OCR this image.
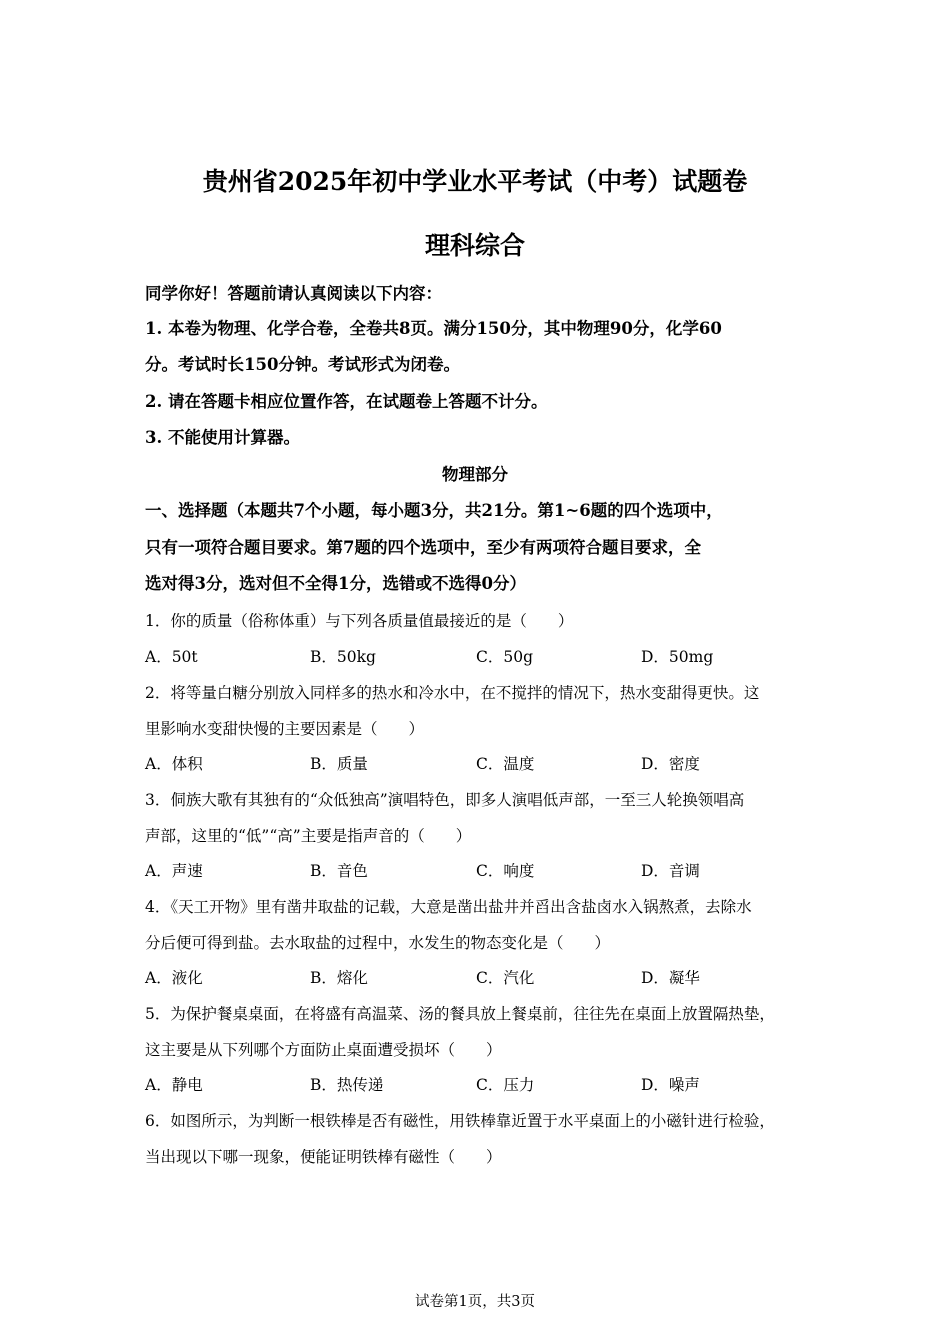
贵州省2025年初中学业水平考试（中考）试题卷
理科综合
同学你好！答题前请认真阅读以下内容：
1. 本卷为物理、化学合卷，全卷共8页。满分150分，其中物理90分，化学60
分。考试时长150分钟。考试形式为闭卷。
2. 请在答题卡相应位置作答，在试题卷上答题不计分。
3. 不能使用计算器。
物理部分
一、选择题（本题共7个小题，每小题3分，共21分。第1~6题的四个选项中，
只有一项符合题目要求。第7题的四个选项中，至少有两项符合题目要求，全
选对得3分，选对但不全得1分，选错或不选得0分）
1．你的质量（俗称体重）与下列各质量值最接近的是（　　）
A．50t	B．50kg	C．50g	D．50mg
2．将等量白糖分别放入同样多的热水和冷水中，在不搅拌的情况下，热水变甜得更快。这
里影响水变甜快慢的主要因素是（　　）
A．体积	B．质量	C．温度	D．密度
3．侗族大歌有其独有的“众低独高”演唱特色，即多人演唱低声部，一至三人轮换领唱高
声部，这里的“低”“高”主要是指声音的（　　）
A．声速	B．音色	C．响度	D．音调
4．《天工开物》里有凿井取盐的记载，大意是凿出盐井并舀出含盐卤水入锅熬煮，去除水
分后便可得到盐。去水取盐的过程中，水发生的物态变化是（　　）
A．液化	B．熔化	C．汽化	D．凝华
5．为保护餐桌桌面，在将盛有高温菜、汤的餐具放上餐桌前，往往先在桌面上放置隔热垫，
这主要是从下列哪个方面防止桌面遭受损坏（　　）
A．静电	B．热传递	C．压力	D．噪声
6．如图所示，为判断一根铁棒是否有磁性，用铁棒靠近置于水平桌面上的小磁针进行检验，
当出现以下哪一现象，便能证明铁棒有磁性（　　）
试卷第1页，共3页
